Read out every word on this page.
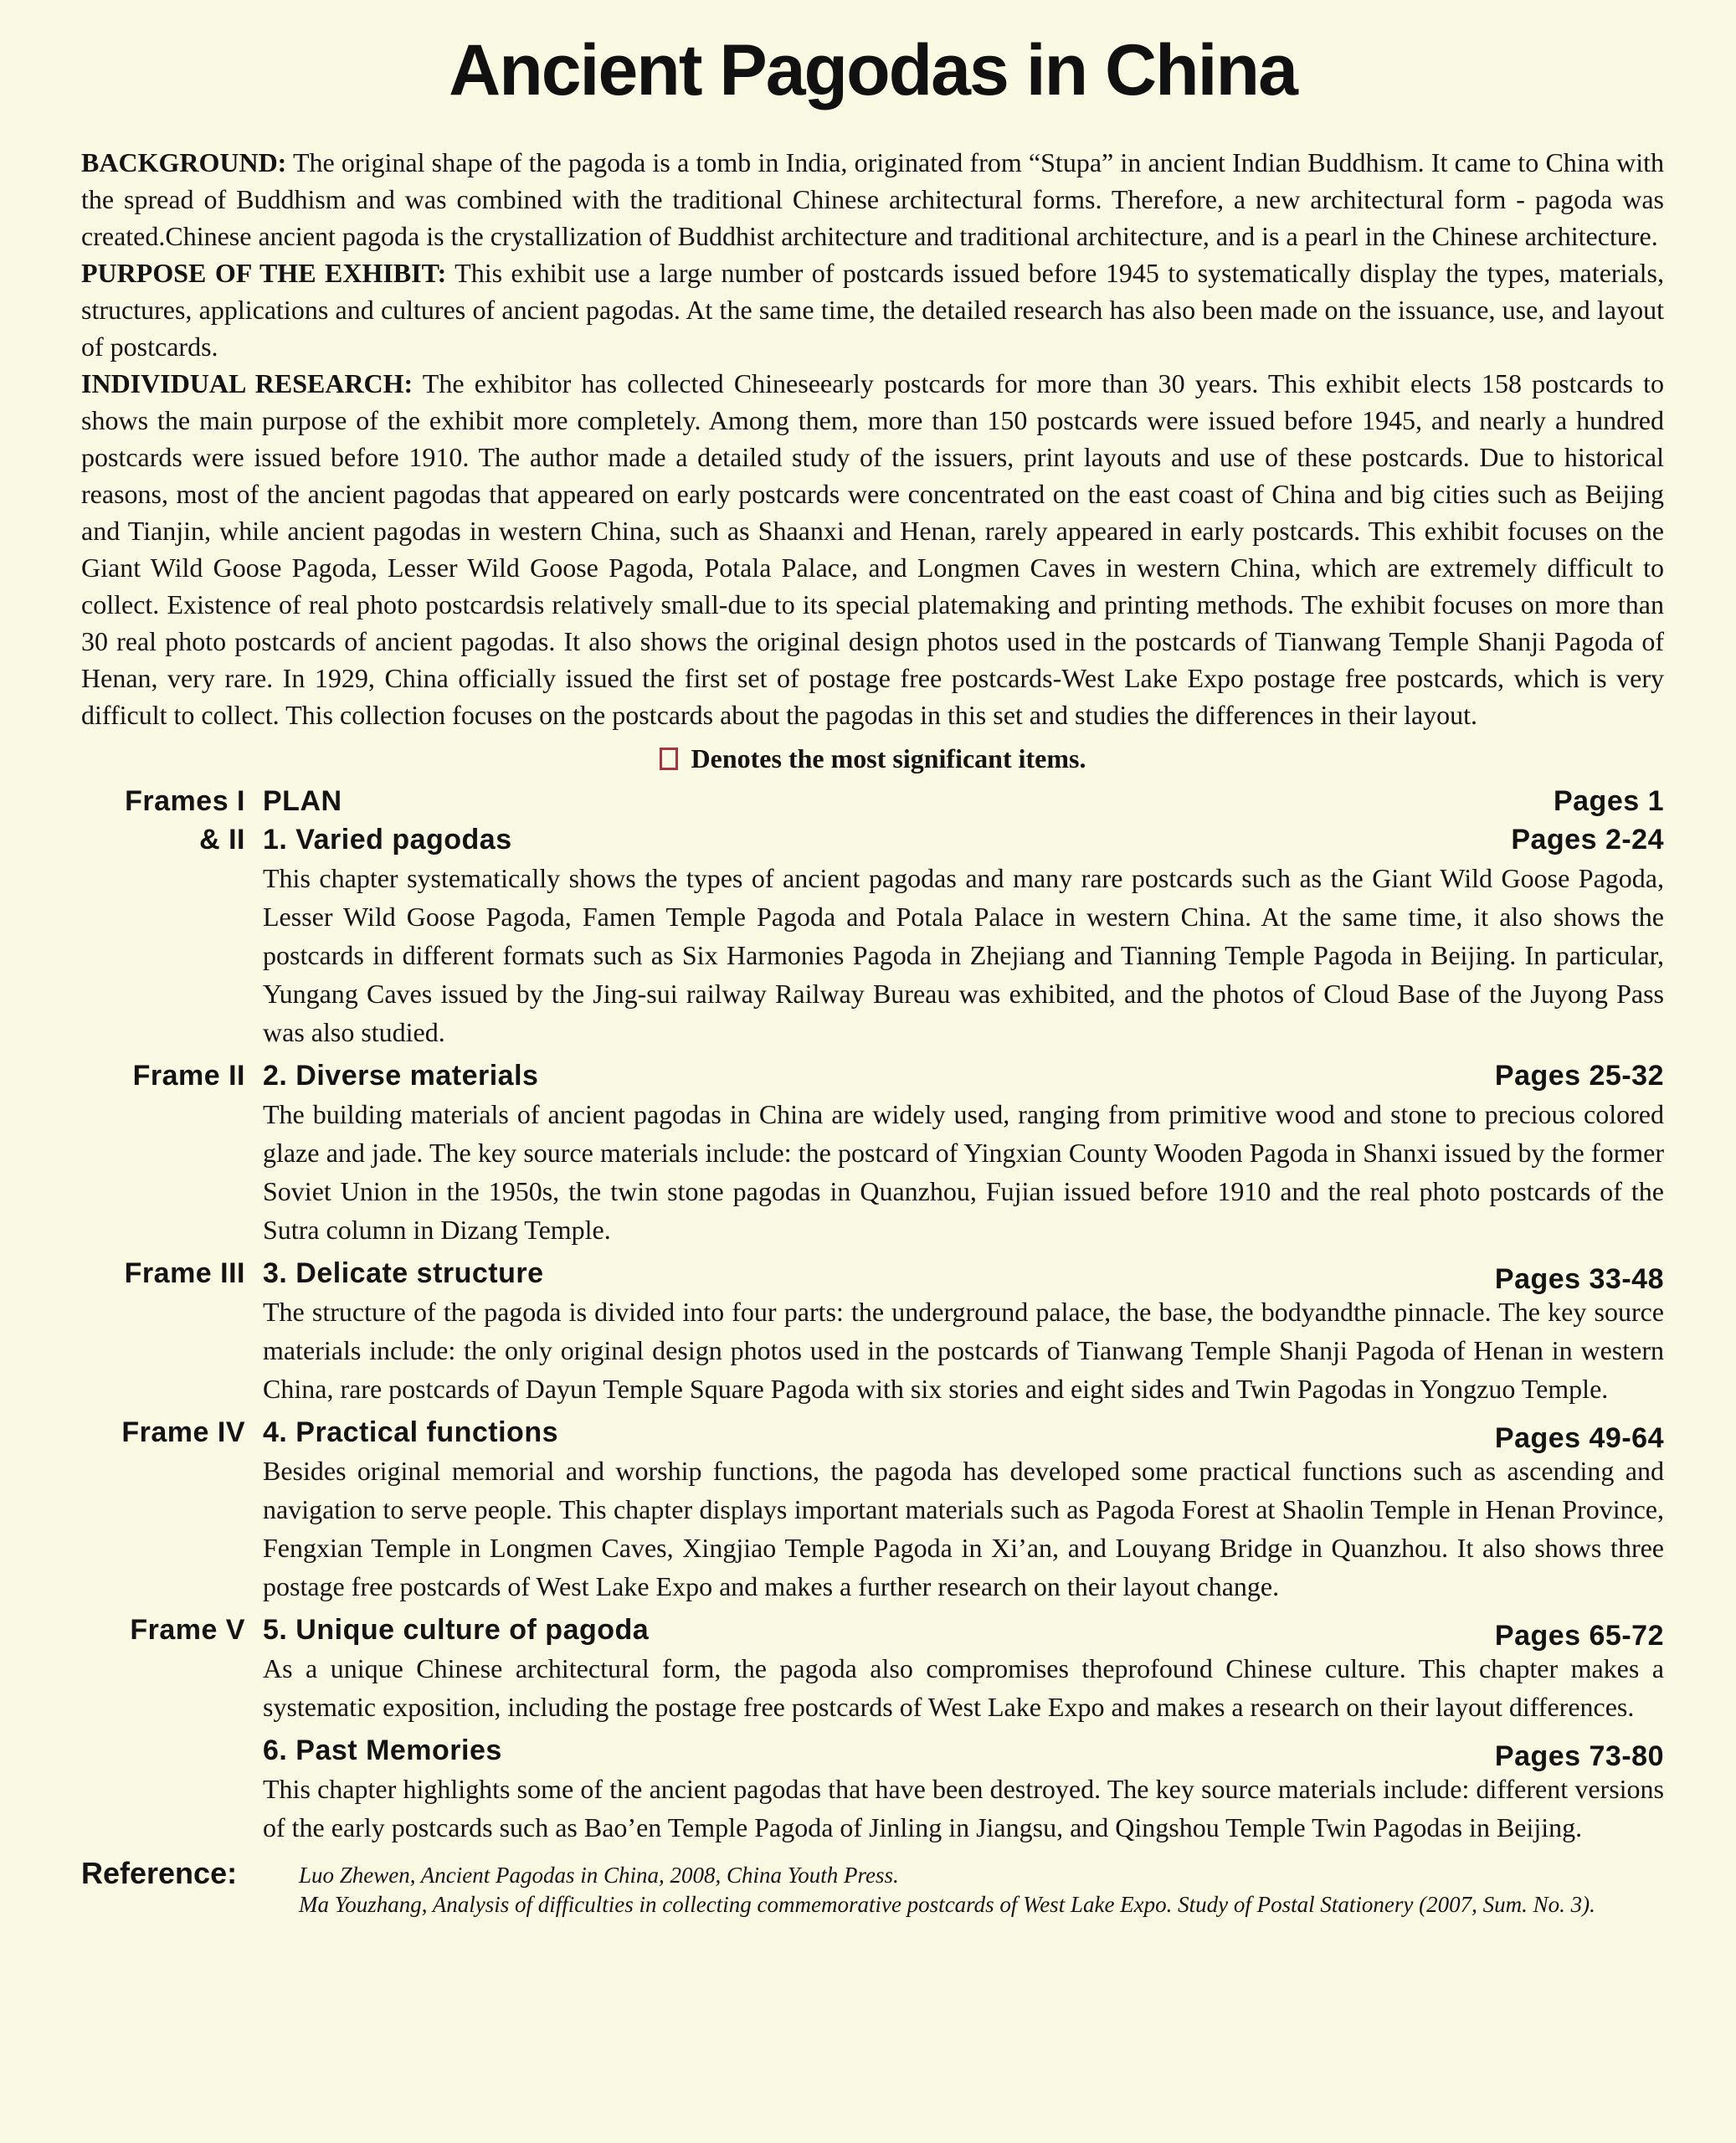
Ancient Pagodas in China

BACKGROUND: The original shape of the pagoda is a tomb in India, originated from “Stupa” in ancient Indian Buddhism. It came to China with the spread of Buddhism and was combined with the traditional Chinese architectural forms. Therefore, a new architectural form - pagoda was created.Chinese ancient pagoda is the crystallization of Buddhist architecture and traditional architecture, and is a pearl in the Chinese architecture.

PURPOSE OF THE EXHIBIT: This exhibit use a large number of postcards issued before 1945 to systematically display the types, materials, structures, applications and cultures of ancient pagodas. At the same time, the detailed research has also been made on the issuance, use, and layout of postcards.

INDIVIDUAL RESEARCH: The exhibitor has collected Chineseearly postcards for more than 30 years. This exhibit elects 158 postcards to shows the main purpose of the exhibit more completely. Among them, more than 150 postcards were issued before 1945, and nearly a hundred postcards were issued before 1910. The author made a detailed study of the issuers, print layouts and use of these postcards. Due to historical reasons, most of the ancient pagodas that appeared on early postcards were concentrated on the east coast of China and big cities such as Beijing and Tianjin, while ancient pagodas in western China, such as Shaanxi and Henan, rarely appeared in early postcards. This exhibit focuses on the Giant Wild Goose Pagoda, Lesser Wild Goose Pagoda, Potala Palace, and Longmen Caves in western China, which are extremely difficult to collect. Existence of real photo postcardsis relatively small-due to its special platemaking and printing methods. The exhibit focuses on more than 30 real photo postcards of ancient pagodas. It also shows the original design photos used in the postcards of Tianwang Temple Shanji Pagoda of Henan, very rare. In 1929, China officially issued the first set of postage free postcards-West Lake Expo postage free postcards, which is very difficult to collect. This collection focuses on the postcards about the pagodas in this set and studies the differences in their layout.

Denotes the most significant items.
Frames I PLAN	Pages 1
& II 1. Varied pagodas	Pages 2-24
This chapter systematically shows the types of ancient pagodas and many rare postcards such as the Giant Wild Goose Pagoda, Lesser Wild Goose Pagoda, Famen Temple Pagoda and Potala Palace in western China. At the same time, it also shows the postcards in different formats such as Six Harmonies Pagoda in Zhejiang and Tianning Temple Pagoda in Beijing. In particular, Yungang Caves issued by the Jing-sui railway Railway Bureau was exhibited, and the photos of Cloud Base of the Juyong Pass was also studied.
Frame II 2. Diverse materials	Pages 25-32
The building materials of ancient pagodas in China are widely used, ranging from primitive wood and stone to precious colored glaze and jade. The key source materials include: the postcard of Yingxian County Wooden Pagoda in Shanxi issued by the former Soviet Union in the 1950s, the twin stone pagodas in Quanzhou, Fujian issued before 1910 and the real photo postcards of the Sutra column in Dizang Temple.
Frame III 3. Delicate structure	Pages 33-48
The structure of the pagoda is divided into four parts: the underground palace, the base, the bodyandthe pinnacle. The key source materials include: the only original design photos used in the postcards of Tianwang Temple Shanji Pagoda of Henan in western China, rare postcards of Dayun Temple Square Pagoda with six stories and eight sides and Twin Pagodas in Yongzuo Temple.
Frame IV 4. Practical functions	Pages 49-64
Besides original memorial and worship functions, the pagoda has developed some practical functions such as ascending and navigation to serve people. This chapter displays important materials such as Pagoda Forest at Shaolin Temple in Henan Province, Fengxian Temple in Longmen Caves, Xingjiao Temple Pagoda in Xi’an, and Louyang Bridge in Quanzhou. It also shows three postage free postcards of West Lake Expo and makes a further research on their layout change.
Frame V 5. Unique culture of pagoda	Pages 65-72
As a unique Chinese architectural form, the pagoda also compromises theprofound Chinese culture. This chapter makes a systematic exposition, including the postage free postcards of West Lake Expo and makes a research on their layout differences.
6. Past Memories	Pages 73-80
This chapter highlights some of the ancient pagodas that have been destroyed. The key source materials include: different versions of the early postcards such as Bao’en Temple Pagoda of Jinling in Jiangsu, and Qingshou Temple Twin Pagodas in Beijing.
Reference:	Luo Zhewen, Ancient Pagodas in China, 2008, China Youth Press.

Ma Youzhang, Analysis of difficulties in collecting commemorative postcards of West Lake Expo. Study of Postal Stationery (2007, Sum. No. 3).
